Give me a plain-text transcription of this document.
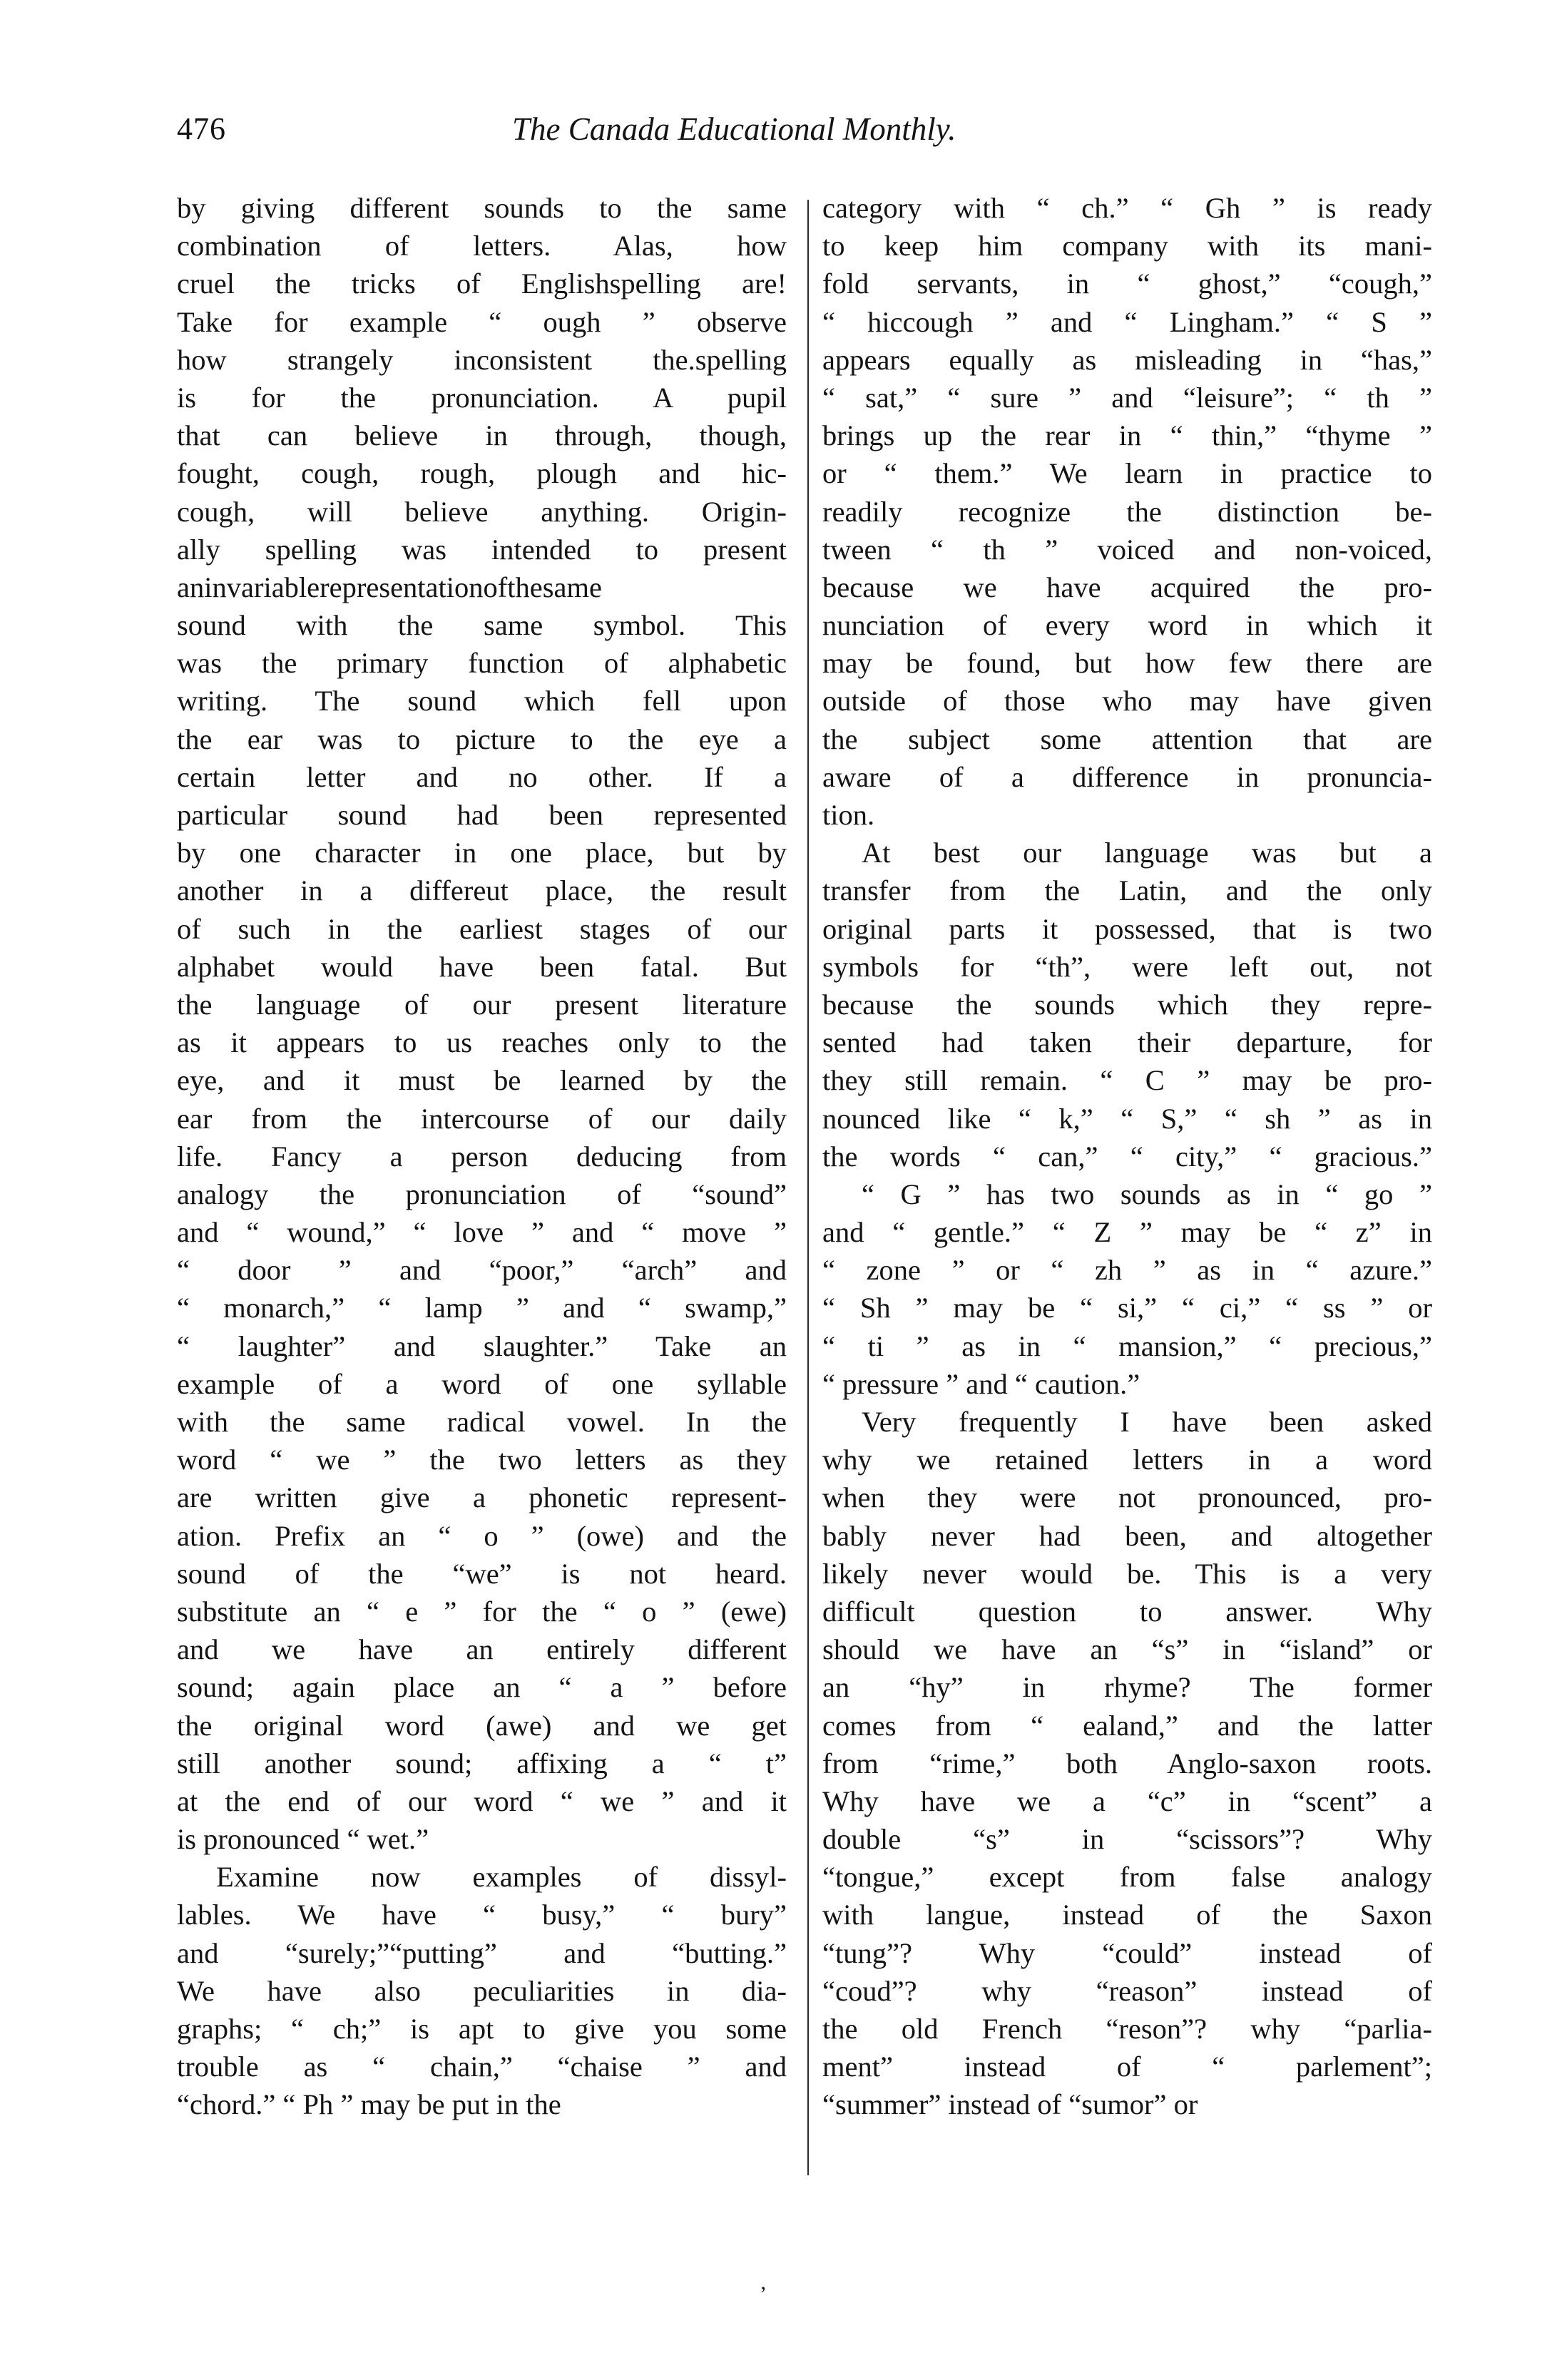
476	The Canada Educational Monthly.
by giving different sounds to the same
combination of letters. Alas, how
cruel the tricks of Englishspelling are!
Take for example “ ough ” observe
how strangely inconsistent the.spelling
is for the pronunciation. A pupil
that can believe in through, though,
fought, cough, rough, plough and hic-
cough, will believe anything. Origin-
ally spelling was intended to present
aninvariablerepresentationofthesame
sound with the same symbol. This
was the primary function of alphabetic
writing. The sound which fell upon
the ear was to picture to the eye a
certain letter and no other. If a
particular sound had been represented
by one character in one place, but by
another in a differeut place, the result
of such in the earliest stages of our
alphabet would have been fatal. But
the language of our present literature
as it appears to us reaches only to the
eye, and it must be learned by the
ear from the intercourse of our daily
life. Fancy a person deducing from
analogy the pronunciation of “sound”
and “ wound,” “ love ” and “ move ”
“ door ” and “poor,” “arch” and
“ monarch,” “ lamp ” and “ swamp,”
“ laughter” and slaughter.” Take an
example of a word of one syllable
with the same radical vowel. In the
word “ we ” the two letters as they
are written give a phonetic represent-
ation. Prefix an “ o ” (owe) and the
sound of the “we” is not heard.
substitute an “ e ” for the “ o ” (ewe)
and we have an entirely different
sound; again place an “ a ” before
the original word (awe) and we get
still another sound; affixing a “ t”
at the end of our word “ we ” and it
is pronounced “ wet.”
Examine now examples of dissyl-
lables. We have “ busy,” “ bury”
and “surely;”“putting” and “butting.”
We have also peculiarities in dia-
graphs; “ ch;” is apt to give you some
trouble as “ chain,” “chaise ” and
“chord.” “ Ph ” may be put in the
category with “ ch.” “ Gh ” is ready
to keep him company with its mani-
fold servants, in “ ghost,” “cough,”
“ hiccough ” and “ Lingham.” “ S ”
appears equally as misleading in “has,”
“ sat,” “ sure ” and “leisure”; “ th ”
brings up the rear in “ thin,” “thyme ”
or “ them.” We learn in practice to
readily recognize the distinction be-
tween “ th ” voiced and non-voiced,
because we have acquired the pro-
nunciation of every word in which it
may be found, but how few there are
outside of those who may have given
the subject some attention that are
aware of a difference in pronuncia-
tion.
At best our language was but a
transfer from the Latin, and the only
original parts it possessed, that is two
symbols for “th”, were left out, not
because the sounds which they repre-
sented had taken their departure, for
they still remain. “ C ” may be pro-
nounced like “ k,” “ S,” “ sh ” as in
the words “ can,” “ city,” “ gracious.”
“ G ” has two sounds as in “ go ”
and “ gentle.” “ Z ” may be “ z” in
“ zone ” or “ zh ” as in “ azure.”
“ Sh ” may be “ si,” “ ci,” “ ss ” or
“ ti ” as in “ mansion,” “ precious,”
“ pressure ” and “ caution.”
Very frequently I have been asked
why we retained letters in a word
when they were not pronounced, pro-
bably never had been, and altogether
likely never would be. This is a very
difficult question to answer. Why
should we have an “s” in “island” or
an “hy” in rhyme? The former
comes from “ ealand,” and the latter
from “rime,” both Anglo-saxon roots.
Why have we a “c” in “scent” a
double “s” in “scissors”? Why
“tongue,” except from false analogy
with langue, instead of the Saxon
“tung”? Why “could” instead of
“coud”? why “reason” instead of
the old French “reson”? why “parlia-
ment” instead of “ parlement”;
“summer” instead of “sumor” or
’
